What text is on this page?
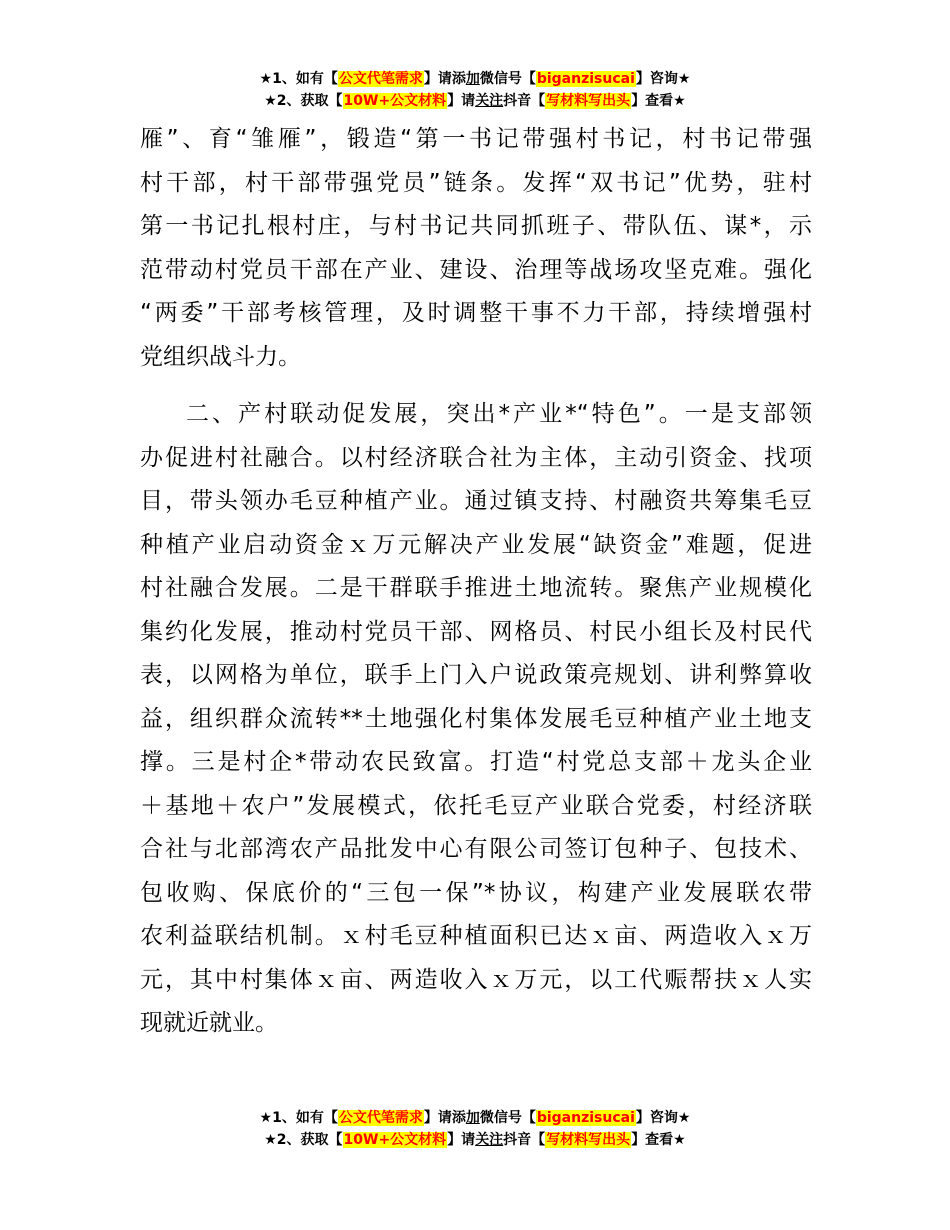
★1、如有【公文代笔需求】请添加微信号【biganzisucai】咨询★
★2、获取【10W+公文材料】请关注抖音【写材料写出头】查看★
雁”、育“雏雁”，锻造“第一书记带强村书记，村书记带强
村干部，村干部带强党员”链条。发挥“双书记”优势，驻村
第一书记扎根村庄，与村书记共同抓班子、带队伍、谋*，示
范带动村党员干部在产业、建设、治理等战场攻坚克难。强化
“两委”干部考核管理，及时调整干事不力干部，持续增强村
党组织战斗力。
二、产村联动促发展，突出*产业*“特色”。一是支部领
办促进村社融合。以村经济联合社为主体，主动引资金、找项
目，带头领办毛豆种植产业。通过镇支持、村融资共筹集毛豆
种植产业启动资金ｘ万元解决产业发展“缺资金”难题，促进
村社融合发展。二是干群联手推进土地流转。聚焦产业规模化
集约化发展，推动村党员干部、网格员、村民小组长及村民代
表，以网格为单位，联手上门入户说政策亮规划、讲利弊算收
益，组织群众流转**土地强化村集体发展毛豆种植产业土地支
撑。三是村企*带动农民致富。打造“村党总支部＋龙头企业
＋基地＋农户”发展模式，依托毛豆产业联合党委，村经济联
合社与北部湾农产品批发中心有限公司签订包种子、包技术、
包收购、保底价的“三包一保”*协议，构建产业发展联农带
农利益联结机制。ｘ村毛豆种植面积已达ｘ亩、两造收入ｘ万
元，其中村集体ｘ亩、两造收入ｘ万元，以工代赈帮扶ｘ人实
现就近就业。
★1、如有【公文代笔需求】请添加微信号【biganzisucai】咨询★
★2、获取【10W+公文材料】请关注抖音【写材料写出头】查看★
